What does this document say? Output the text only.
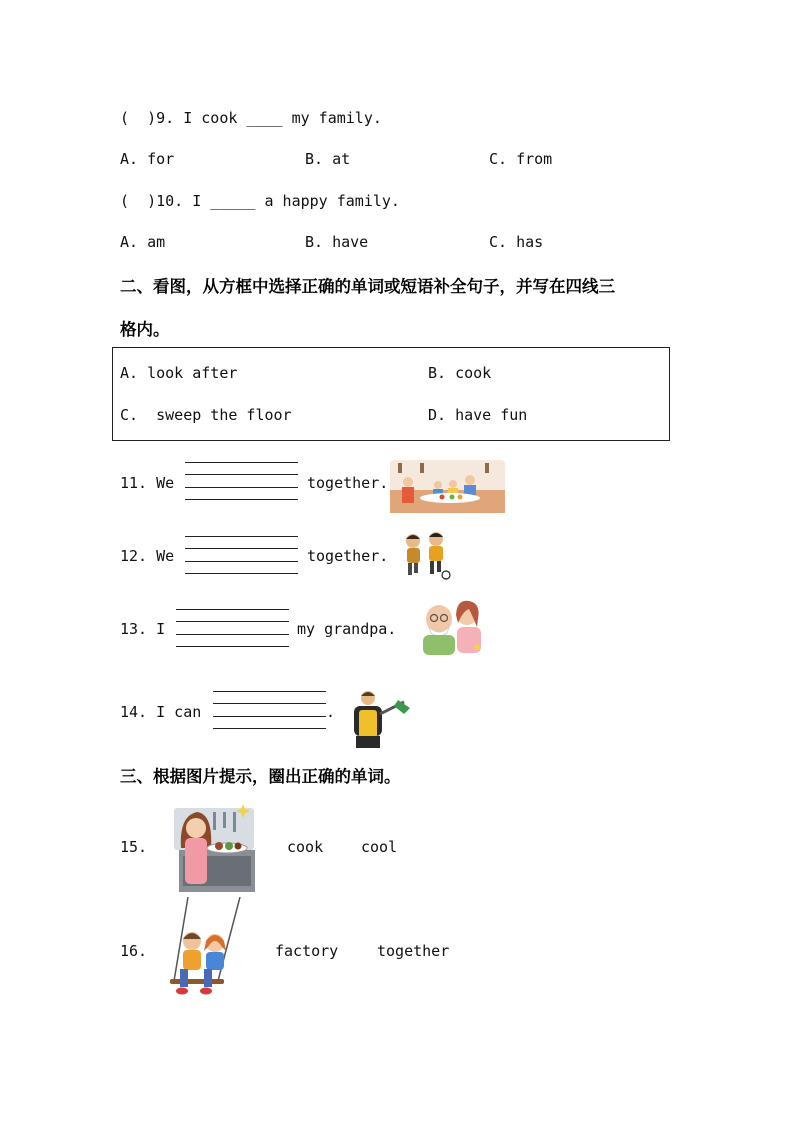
(  )9. I cook ____ my family.
A. for	B. at	C. from
(  )10. I _____ a happy family.
A. am	B. have	C. has
二、看图，从方框中选择正确的单词或短语补全句子，并写在四线三
格内。
A. look after	B. cook
C.  sweep the floor	D. have fun
11. We	together.
12. We	together.
13. I	my grandpa.
14. I can	.
三、根据图片提示，圈出正确的单词。
15.	cook	cool
16.	factory	together
